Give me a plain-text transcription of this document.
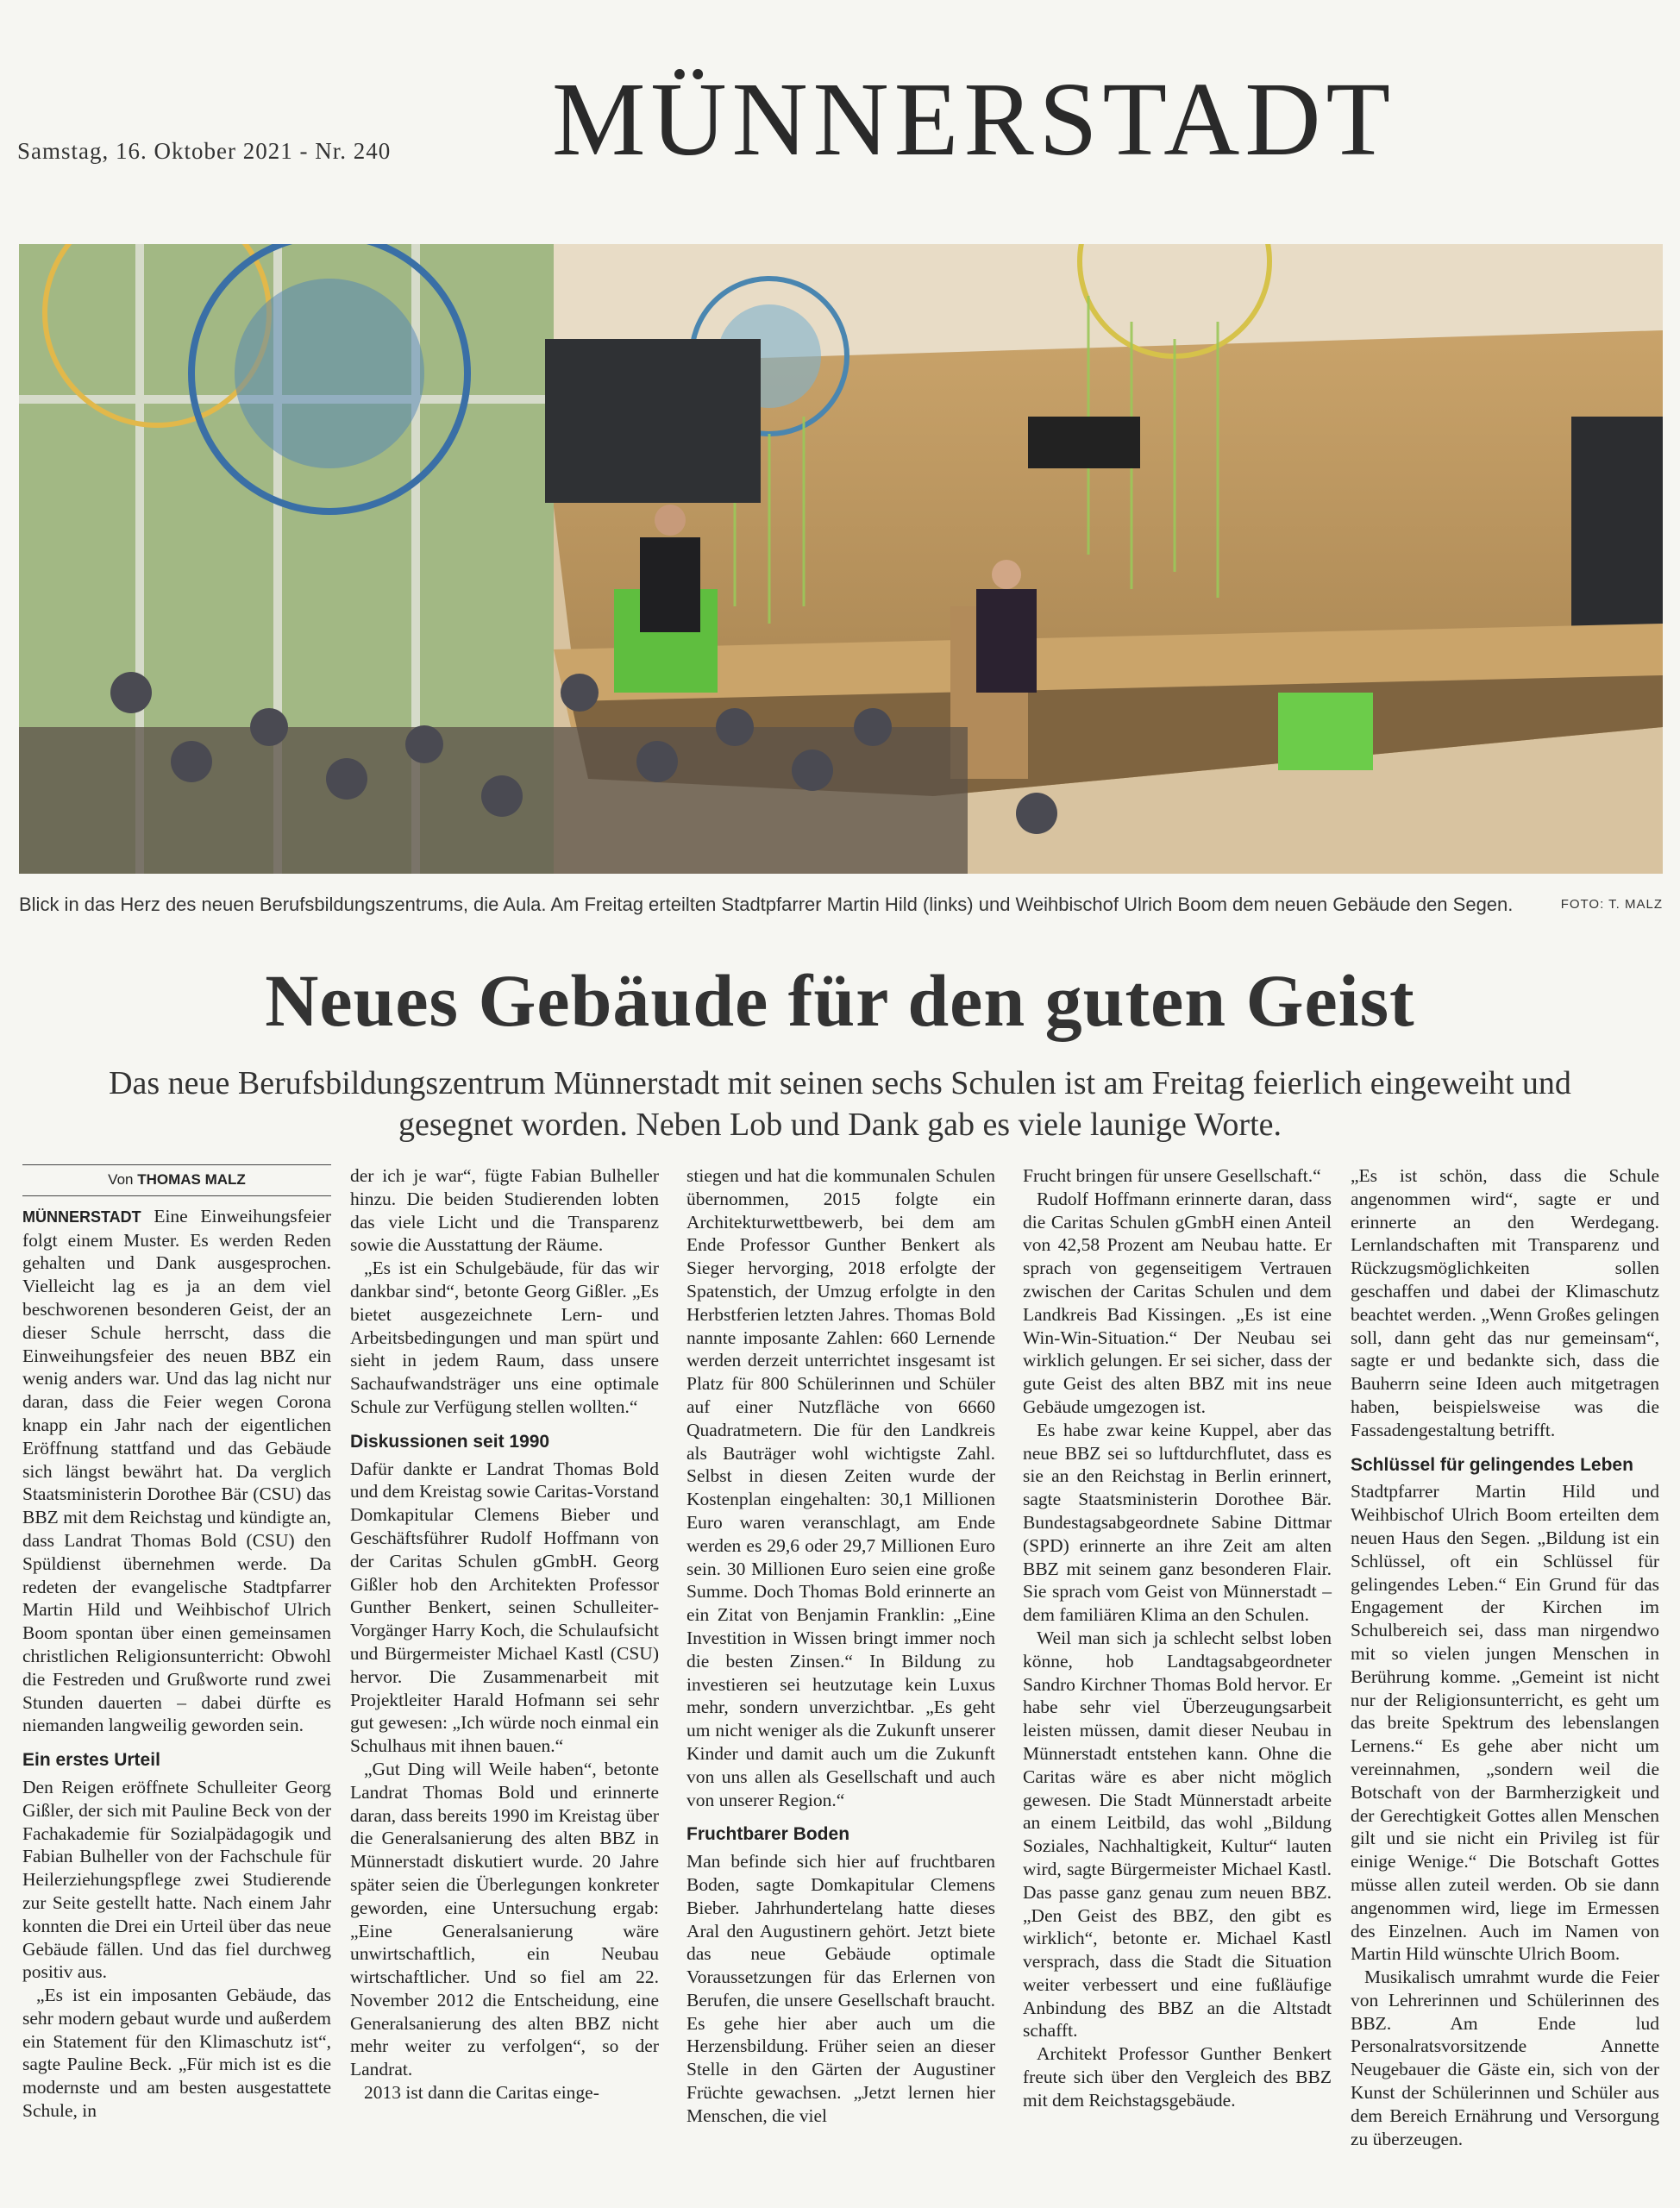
Samstag, 16. Oktober 2021 - Nr. 240 MÜNNERSTADT
Blick in das Herz des neuen Berufsbildungszentrums, die Aula. Am Freitag erteilten Stadtpfarrer Martin Hild (links) und Weihbischof Ulrich Boom dem neuen Gebäude den Segen.	FOTO: T. MALZ
Neues Gebäude für den guten Geist
Das neue Berufsbildungszentrum Münnerstadt mit seinen sechs Schulen ist am Freitag feierlich eingeweiht und gesegnet worden. Neben Lob und Dank gab es viele launige Worte.
Von THOMAS MALZ

MÜNNERSTADT Eine Einweihungsfeier folgt einem Muster. Es werden Reden gehalten und Dank ausgesprochen. Vielleicht lag es ja an dem viel beschworenen besonderen Geist, der an dieser Schule herrscht, dass die Einweihungsfeier des neuen BBZ ein wenig anders war. Und das lag nicht nur daran, dass die Feier wegen Corona knapp ein Jahr nach der eigentlichen Eröffnung stattfand und das Gebäude sich längst bewährt hat. Da verglich Staatsministerin Dorothee Bär (CSU) das BBZ mit dem Reichstag und kündigte an, dass Landrat Thomas Bold (CSU) den Spüldienst übernehmen werde. Da redeten der evangelische Stadtpfarrer Martin Hild und Weihbischof Ulrich Boom spontan über einen gemeinsamen christlichen Religionsunterricht: Obwohl die Festreden und Grußworte rund zwei Stunden dauerten – dabei dürfte es niemanden langweilig geworden sein.

Ein erstes Urteil

Den Reigen eröffnete Schulleiter Georg Gißler, der sich mit Pauline Beck von der Fachakademie für Sozialpädagogik und Fabian Bulheller von der Fachschule für Heilerziehungspflege zwei Studierende zur Seite gestellt hatte. Nach einem Jahr konnten die Drei ein Urteil über das neue Gebäude fällen. Und das fiel durchweg positiv aus.

„Es ist ein imposanten Gebäude, das sehr modern gebaut wurde und außerdem ein Statement für den Klimaschutz ist“, sagte Pauline Beck. „Für mich ist es die modernste und am besten ausgestattete Schule, in

der ich je war“, fügte Fabian Bulheller hinzu. Die beiden Studierenden lobten das viele Licht und die Transparenz sowie die Ausstattung der Räume.

„Es ist ein Schulgebäude, für das wir dankbar sind“, betonte Georg Gißler. „Es bietet ausgezeichnete Lern- und Arbeitsbedingungen und man spürt und sieht in jedem Raum, dass unsere Sachaufwandsträger uns eine optimale Schule zur Verfügung stellen wollten.“

Diskussionen seit 1990

Dafür dankte er Landrat Thomas Bold und dem Kreistag sowie Caritas-Vorstand Domkapitular Clemens Bieber und Geschäftsführer Rudolf Hoffmann von der Caritas Schulen gGmbH. Georg Gißler hob den Architekten Professor Gunther Benkert, seinen Schulleiter-Vorgänger Harry Koch, die Schulaufsicht und Bürgermeister Michael Kastl (CSU) hervor. Die Zusammenarbeit mit Projektleiter Harald Hofmann sei sehr gut gewesen: „Ich würde noch einmal ein Schulhaus mit ihnen bauen.“

„Gut Ding will Weile haben“, betonte Landrat Thomas Bold und erinnerte daran, dass bereits 1990 im Kreistag über die Generalsanierung des alten BBZ in Münnerstadt diskutiert wurde. 20 Jahre später seien die Überlegungen konkreter geworden, eine Untersuchung ergab: „Eine Generalsanierung wäre unwirtschaftlich, ein Neubau wirtschaftlicher. Und so fiel am 22. November 2012 die Entscheidung, eine Generalsanierung des alten BBZ nicht mehr weiter zu verfolgen“, so der Landrat.

2013 ist dann die Caritas einge-

stiegen und hat die kommunalen Schulen übernommen, 2015 folgte ein Architekturwettbewerb, bei dem am Ende Professor Gunther Benkert als Sieger hervorging, 2018 erfolgte der Spatenstich, der Umzug erfolgte in den Herbstferien letzten Jahres. Thomas Bold nannte imposante Zahlen: 660 Lernende werden derzeit unterrichtet insgesamt ist Platz für 800 Schülerinnen und Schüler auf einer Nutzfläche von 6660 Quadratmetern. Die für den Landkreis als Bauträger wohl wichtigste Zahl. Selbst in diesen Zeiten wurde der Kostenplan eingehalten: 30,1 Millionen Euro waren veranschlagt, am Ende werden es 29,6 oder 29,7 Millionen Euro sein. 30 Millionen Euro seien eine große Summe. Doch Thomas Bold erinnerte an ein Zitat von Benjamin Franklin: „Eine Investition in Wissen bringt immer noch die besten Zinsen.“ In Bildung zu investieren sei heutzutage kein Luxus mehr, sondern unverzichtbar. „Es geht um nicht weniger als die Zukunft unserer Kinder und damit auch um die Zukunft von uns allen als Gesellschaft und auch von unserer Region.“

Fruchtbarer Boden

Man befinde sich hier auf fruchtbaren Boden, sagte Domkapitular Clemens Bieber. Jahrhundertelang hatte dieses Aral den Augustinern gehört. Jetzt biete das neue Gebäude optimale Voraussetzungen für das Erlernen von Berufen, die unsere Gesellschaft braucht. Es gehe hier aber auch um die Herzensbildung. Früher seien an dieser Stelle in den Gärten der Augustiner Früchte gewachsen. „Jetzt lernen hier Menschen, die viel

Frucht bringen für unsere Gesellschaft.“

Rudolf Hoffmann erinnerte daran, dass die Caritas Schulen gGmbH einen Anteil von 42,58 Prozent am Neubau hatte. Er sprach von gegenseitigem Vertrauen zwischen der Caritas Schulen und dem Landkreis Bad Kissingen. „Es ist eine Win-Win-Situation.“ Der Neubau sei wirklich gelungen. Er sei sicher, dass der gute Geist des alten BBZ mit ins neue Gebäude umgezogen ist.

Es habe zwar keine Kuppel, aber das neue BBZ sei so luftdurchflutet, dass es sie an den Reichstag in Berlin erinnert, sagte Staatsministerin Dorothee Bär. Bundestagsabgeordnete Sabine Dittmar (SPD) erinnerte an ihre Zeit am alten BBZ mit seinem ganz besonderen Flair. Sie sprach vom Geist von Münnerstadt – dem familiären Klima an den Schulen.

Weil man sich ja schlecht selbst loben könne, hob Landtagsabgeordneter Sandro Kirchner Thomas Bold hervor. Er habe sehr viel Überzeugungsarbeit leisten müssen, damit dieser Neubau in Münnerstadt entstehen kann. Ohne die Caritas wäre es aber nicht möglich gewesen. Die Stadt Münnerstadt arbeite an einem Leitbild, das wohl „Bildung Soziales, Nachhaltigkeit, Kultur“ lauten wird, sagte Bürgermeister Michael Kastl. Das passe ganz genau zum neuen BBZ. „Den Geist des BBZ, den gibt es wirklich“, betonte er. Michael Kastl versprach, dass die Stadt die Situation weiter verbessert und eine fußläufige Anbindung des BBZ an die Altstadt schafft.

Architekt Professor Gunther Benkert freute sich über den Vergleich des BBZ mit dem Reichstagsgebäude.

„Es ist schön, dass die Schule angenommen wird“, sagte er und erinnerte an den Werdegang. Lernlandschaften mit Transparenz und Rückzugsmöglichkeiten sollen geschaffen und dabei der Klimaschutz beachtet werden. „Wenn Großes gelingen soll, dann geht das nur gemeinsam“, sagte er und bedankte sich, dass die Bauherrn seine Ideen auch mitgetragen haben, beispielsweise was die Fassadengestaltung betrifft.

Schlüssel für gelingendes Leben

Stadtpfarrer Martin Hild und Weihbischof Ulrich Boom erteilten dem neuen Haus den Segen. „Bildung ist ein Schlüssel, oft ein Schlüssel für gelingendes Leben.“ Ein Grund für das Engagement der Kirchen im Schulbereich sei, dass man nirgendwo mit so vielen jungen Menschen in Berührung komme. „Gemeint ist nicht nur der Religionsunterricht, es geht um das breite Spektrum des lebenslangen Lernens.“ Es gehe aber nicht um vereinnahmen, „sondern weil die Botschaft von der Barmherzigkeit und der Gerechtigkeit Gottes allen Menschen gilt und sie nicht ein Privileg ist für einige Wenige.“ Die Botschaft Gottes müsse allen zuteil werden. Ob sie dann angenommen wird, liege im Ermessen des Einzelnen. Auch im Namen von Martin Hild wünschte Ulrich Boom.

Musikalisch umrahmt wurde die Feier von Lehrerinnen und Schülerinnen des BBZ. Am Ende lud Personalratsvorsitzende Annette Neugebauer die Gäste ein, sich von der Kunst der Schülerinnen und Schüler aus dem Bereich Ernährung und Versorgung zu überzeugen.
